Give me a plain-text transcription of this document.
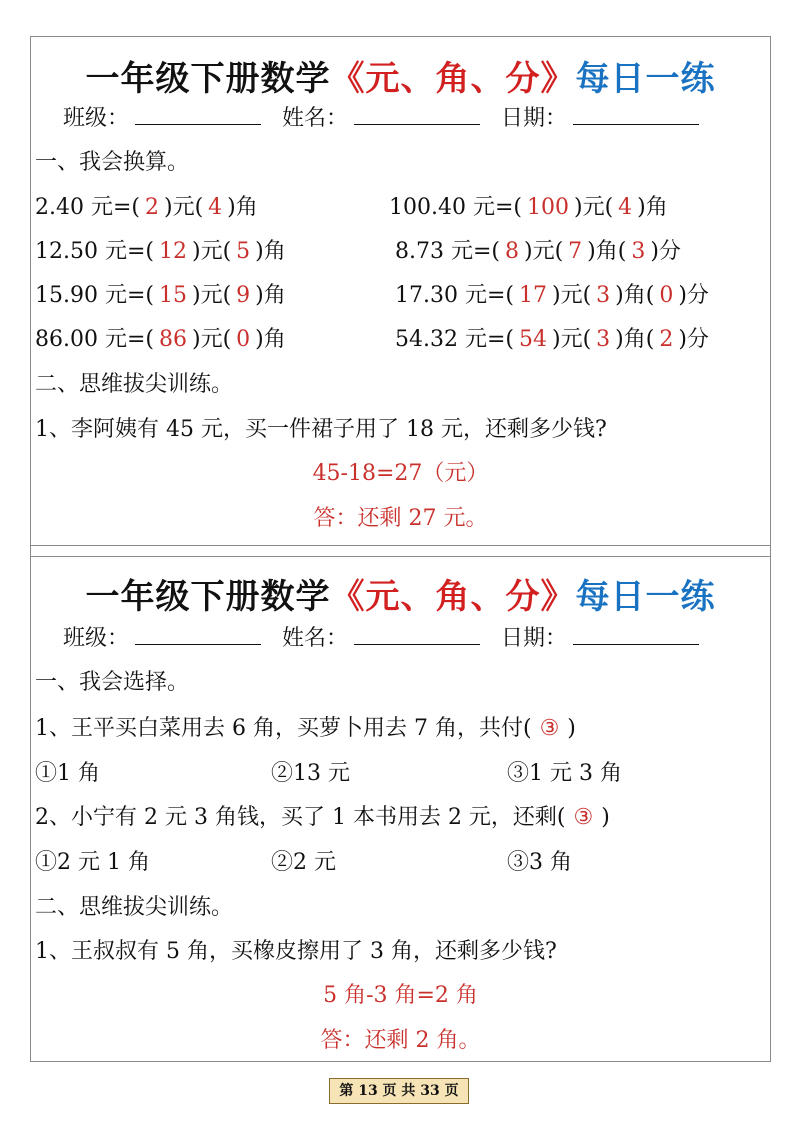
一年级下册数学《元、角、分》每日一练
班级：	姓名：	日期：
一、我会换算。
2.40 元=( 2 )元( 4 )角	100.40 元=( 100 )元( 4 )角
12.50 元=( 12 )元( 5 )角	8.73 元=( 8 )元( 7 )角( 3 )分
15.90 元=( 15 )元( 9 )角	17.30 元=( 17 )元( 3 )角( 0 )分
86.00 元=( 86 )元( 0 )角	54.32 元=( 54 )元( 3 )角( 2 )分
二、思维拔尖训练。
1、李阿姨有 45 元，买一件裙子用了 18 元，还剩多少钱?
45-18=27（元）
答：还剩 27 元。
一年级下册数学《元、角、分》每日一练
班级：	姓名：	日期：
一、我会选择。
1、王平买白菜用去 6 角，买萝卜用去 7 角，共付( ③ )
①1 角	②13 元	③1 元 3 角
2、小宁有 2 元 3 角钱，买了 1 本书用去 2 元，还剩( ③ )
①2 元 1 角	②2 元	③3 角
二、思维拔尖训练。
1、王叔叔有 5 角，买橡皮擦用了 3 角，还剩多少钱?
5 角-3 角=2 角
答：还剩 2 角。
第 13 页 共 33 页
